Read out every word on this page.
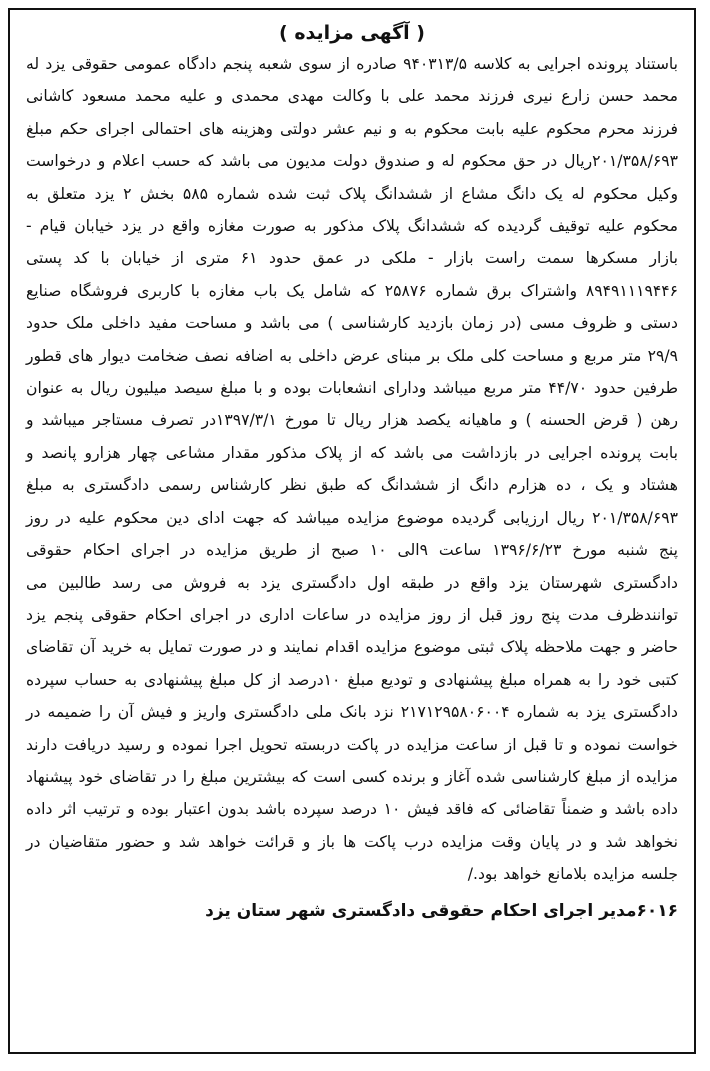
( آگهی مزایده )

باستناد پرونده اجرایی به کلاسه ۹۴۰۳۱۳/۵ صادره از سوی شعبه پنجم دادگاه عمومی حقوقی یزد له محمد حسن زارع نیری فرزند محمد علی با وکالت مهدی محمدی و علیه محمد مسعود کاشانی فرزند محرم محکوم علیه بابت محکوم به و نیم عشر دولتی وهزینه های احتمالی اجرای حکم مبلغ ۲۰۱/۳۵۸/۶۹۳ریال در حق محکوم له و صندوق دولت مدیون می باشد که حسب اعلام و درخواست وکیل محکوم له یک دانگ مشاع از ششدانگ پلاک ثبت شده شماره ۵۸۵ بخش ۲ یزد متعلق به محکوم علیه توقیف گردیده که ششدانگ پلاک مذکور به صورت مغازه واقع در یزد خیابان قیام - بازار مسکرها سمت راست بازار - ملکی در عمق حدود ۶۱ متری از خیابان با کد پستی ۸۹۴۹۱۱۱۹۴۴۶ واشتراک برق شماره ۲۵۸۷۶ که شامل یک باب مغازه با کاربری فروشگاه صنایع دستی و ظروف مسی (در زمان بازدید کارشناسی ) می باشد و مساحت مفید داخلی ملک حدود ۲۹/۹ متر مربع و مساحت کلی ملک بر مبنای عرض داخلی به اضافه نصف ضخامت دیوار های قطور طرفین حدود ۴۴/۷۰ متر مربع میباشد ودارای انشعابات بوده و با مبلغ سیصد میلیون ریال به عنوان رهن ( قرض الحسنه ) و ماهیانه یکصد هزار ریال تا مورخ ۱۳۹۷/۳/۱در تصرف مستاجر میباشد و بابت پرونده اجرایی در بازداشت می باشد که از پلاک مذکور مقدار مشاعی چهار هزارو پانصد و هشتاد و یک ، ده هزارم دانگ از ششدانگ که طبق نظر کارشناس رسمی دادگستری به مبلغ ۲۰۱/۳۵۸/۶۹۳ ریال ارزیابی گردیده موضوع مزایده میباشد که جهت ادای دین محکوم علیه در روز پنج شنبه مورخ ۱۳۹۶/۶/۲۳ ساعت ۹الی ۱۰ صبح از طریق مزایده در اجرای احکام حقوقی دادگستری شهرستان یزد واقع در طبقه اول دادگستری یزد به فروش می رسد طالبین می توانندظرف مدت پنج روز قبل از روز مزایده در ساعات اداری در اجرای احکام حقوقی پنجم یزد حاضر و جهت ملاحظه پلاک ثبتی موضوع مزایده اقدام نمایند و در صورت تمایل به خرید آن تقاضای کتبی خود را به همراه مبلغ پیشنهادی و تودیع مبلغ ۱۰درصد از کل مبلغ پیشنهادی به حساب سپرده دادگستری یزد به شماره ۲۱۷۱۲۹۵۸۰۶۰۰۴ نزد بانک ملی دادگستری واریز و فیش آن را ضمیمه در خواست نموده و تا قبل از ساعت مزایده در پاکت دربسته تحویل اجرا نموده و رسید دریافت دارند مزایده از مبلغ کارشناسی شده آغاز و برنده کسی است که بیشترین مبلغ را در تقاضای خود پیشنهاد داده باشد و ضمناً تقاضائی که فاقد فیش ۱۰ درصد سپرده باشد بدون اعتبار بوده و ترتیب اثر داده نخواهد شد و در پایان وقت مزایده درب پاکت ها باز و قرائت خواهد شد و حضور متقاضیان در جلسه مزایده بلامانع خواهد بود./

۶۰۱۶مدیر اجرای احکام حقوقی دادگستری شهر ستان یزد
